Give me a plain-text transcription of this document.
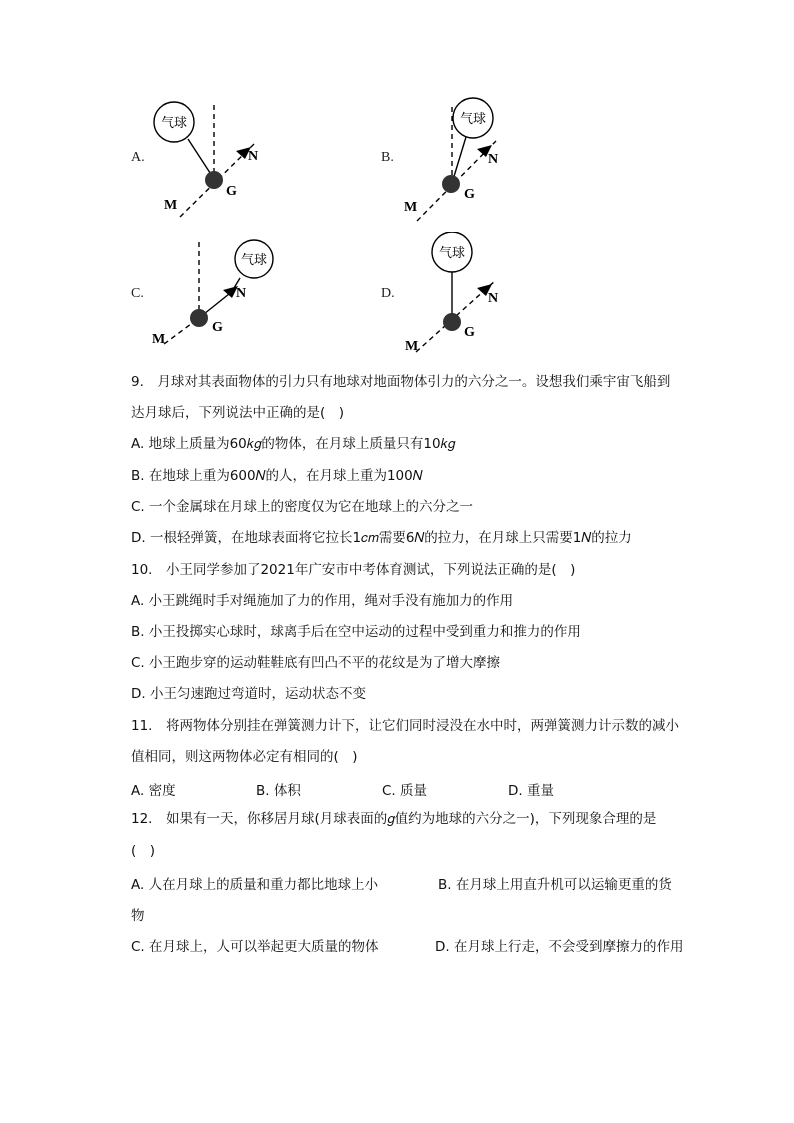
A.	B.
C.	D.
气球
G
M
N
气球
G
M
N
气球
G
M
N
气球
G
M
N
9.　月球对其表面物体的引力只有地球对地面物体引力的六分之一。设想我们乘宇宙飞船到
达月球后，下列说法中正确的是(　)
A. 地球上质量为60𝑘𝑔的物体，在月球上质量只有10𝑘𝑔
B. 在地球上重为600𝑁的人，在月球上重为100𝑁
C. 一个金属球在月球上的密度仅为它在地球上的六分之一
D. 一根轻弹簧，在地球表面将它拉长1𝑐𝑚需要6𝑁的拉力，在月球上只需要1𝑁的拉力
10.　小王同学参加了2021年广安市中考体育测试，下列说法正确的是(　)
A. 小王跳绳时手对绳施加了力的作用，绳对手没有施加力的作用
B. 小王投掷实心球时，球离手后在空中运动的过程中受到重力和推力的作用
C. 小王跑步穿的运动鞋鞋底有凹凸不平的花纹是为了增大摩擦
D. 小王匀速跑过弯道时，运动状态不变
11.　将两物体分别挂在弹簧测力计下，让它们同时浸没在水中时，两弹簧测力计示数的减小
值相同，则这两物体必定有相同的(　)
A. 密度	B. 体积	C. 质量	D. 重量
12.　如果有一天，你移居月球(月球表面的𝑔值约为地球的六分之一)，下列现象合理的是
(　)
A. 人在月球上的质量和重力都比地球上小	B. 在月球上用直升机可以运输更重的货
物
C. 在月球上，人可以举起更大质量的物体	D. 在月球上行走，不会受到摩擦力的作用
